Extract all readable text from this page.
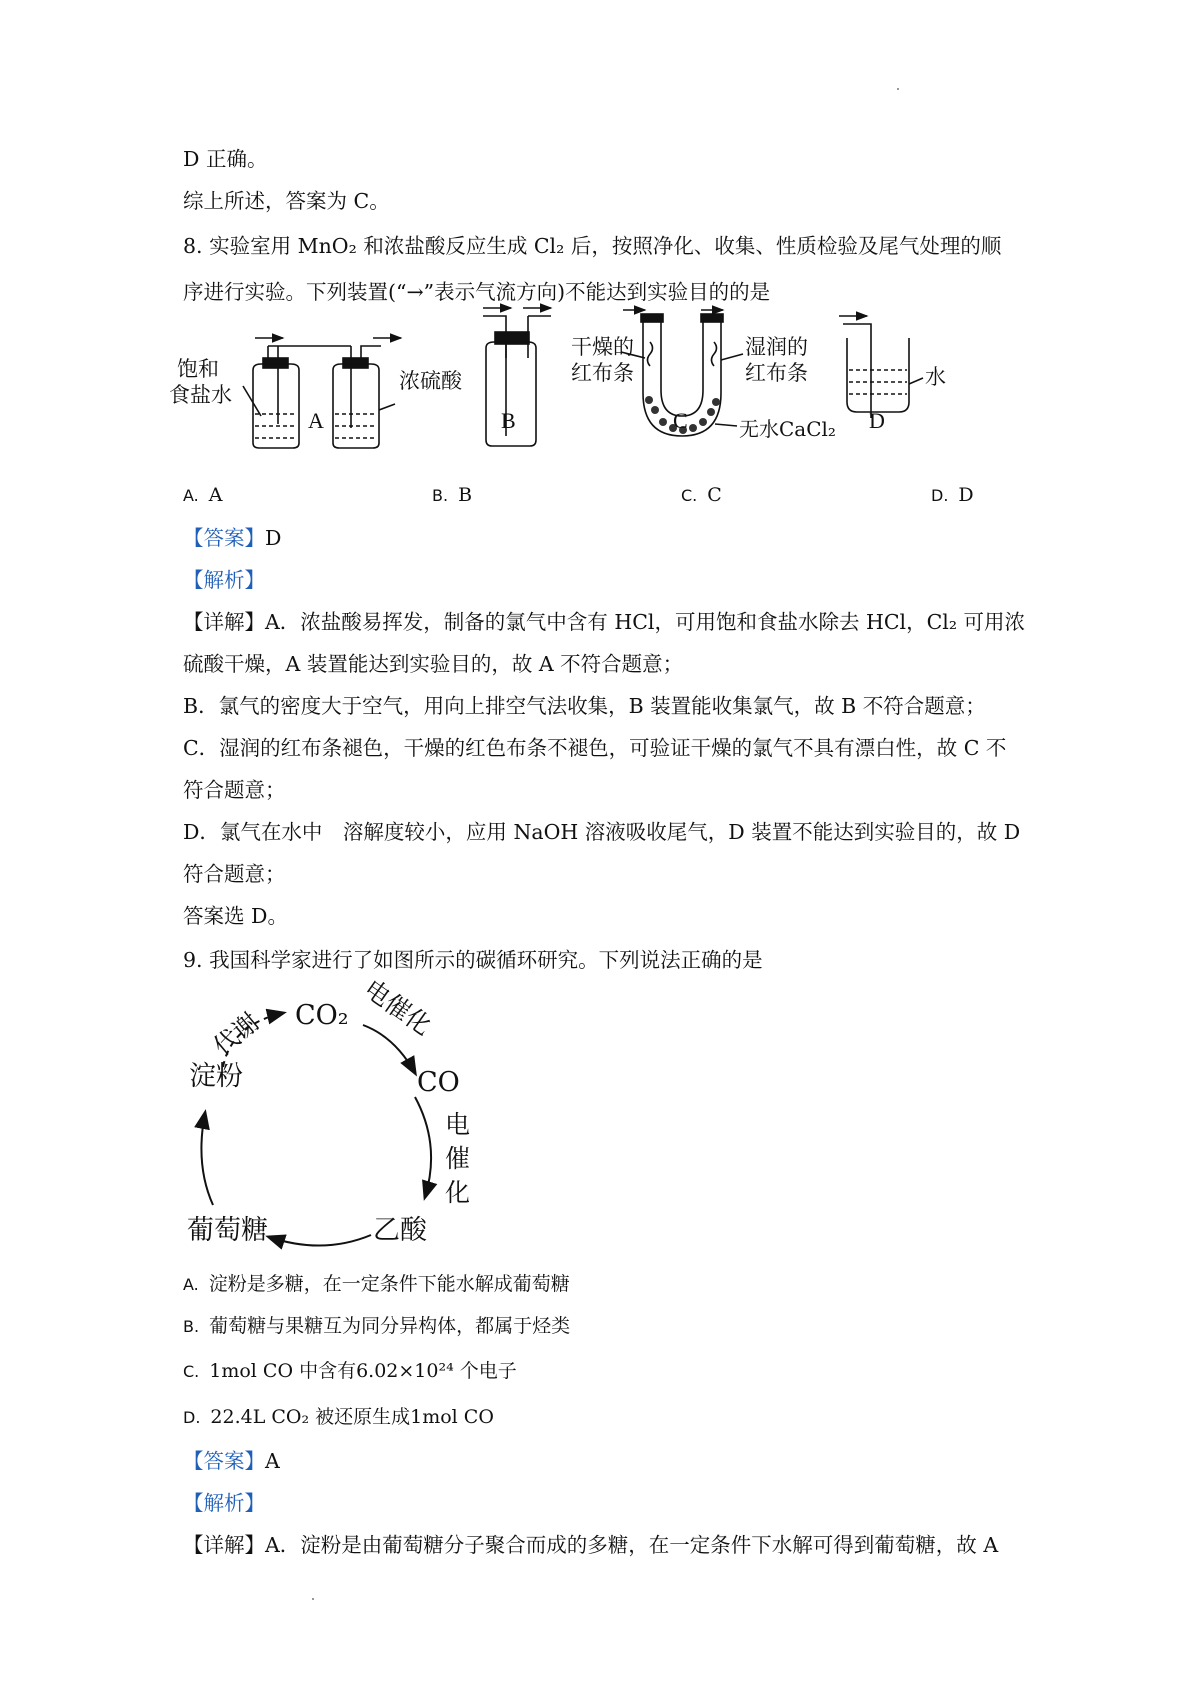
D 正确。
综上所述，答案为 C。
8. 实验室用 MnO₂ 和浓盐酸反应生成 Cl₂ 后，按照净化、收集、性质检验及尾气处理的顺
序进行实验。下列装置(“→”表示气流方向)不能达到实验目的的是
饱和
食盐水
浓硫酸
A	B
干燥的
红布条
湿润的
红布条
无水CaCl₂
C
水
D
A. A	B. B	C. C	D. D
【答案】D
【解析】
【详解】A．浓盐酸易挥发，制备的氯气中含有 HCl，可用饱和食盐水除去 HCl，Cl₂ 可用浓
硫酸干燥，A 装置能达到实验目的，故 A 不符合题意；
B．氯气的密度大于空气，用向上排空气法收集，B 装置能收集氯气，故 B 不符合题意；
C．湿润的红布条褪色，干燥的红色布条不褪色，可验证干燥的氯气不具有漂白性，故 C 不
符合题意；
D．氯气在水中　溶解度较小，应用 NaOH 溶液吸收尾气，D 装置不能达到实验目的，故 D
符合题意；
答案选 D。
9. 我国科学家进行了如图所示的碳循环研究。下列说法正确的是
CO₂
CO
乙酸
葡萄糖
淀粉
代谢	电催化
电
催
化
A. 淀粉是多糖，在一定条件下能水解成葡萄糖
B. 葡萄糖与果糖互为同分异构体，都属于烃类
C. 1mol CO 中含有6.02×10²⁴ 个电子
D. 22.4L CO₂ 被还原生成1mol CO
【答案】A
【解析】
【详解】A．淀粉是由葡萄糖分子聚合而成的多糖，在一定条件下水解可得到葡萄糖，故 A
